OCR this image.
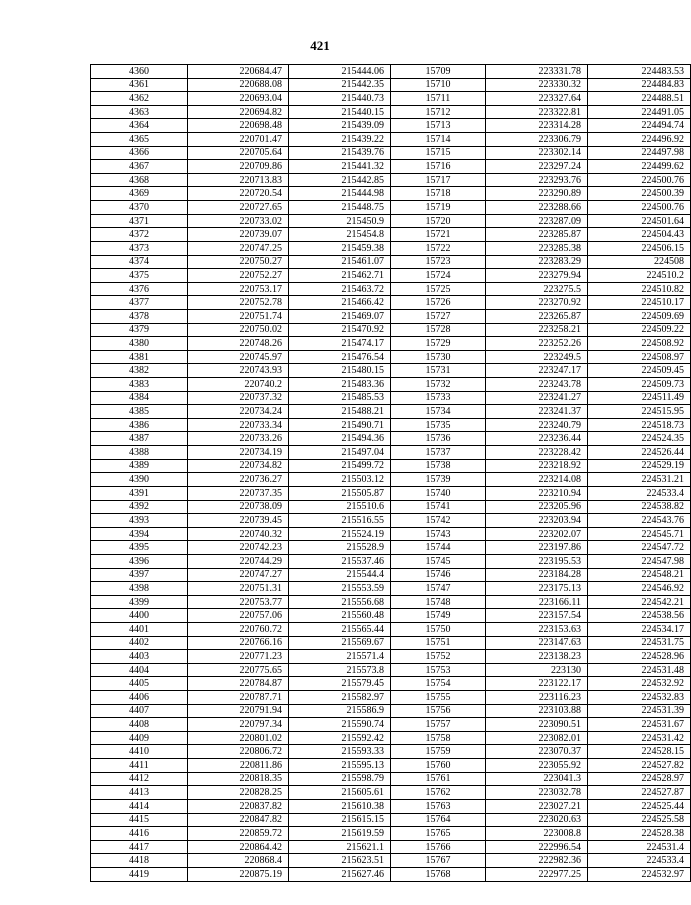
421
4360	220684.47	215444.06	15709	223331.78	224483.53
4361	220688.08	215442.35	15710	223330.32	224484.83
4362	220693.04	215440.73	15711	223327.64	224488.51
4363	220694.82	215440.15	15712	223322.81	224491.05
4364	220698.48	215439.09	15713	223314.28	224494.74
4365	220701.47	215439.22	15714	223306.79	224496.92
4366	220705.64	215439.76	15715	223302.14	224497.98
4367	220709.86	215441.32	15716	223297.24	224499.62
4368	220713.83	215442.85	15717	223293.76	224500.76
4369	220720.54	215444.98	15718	223290.89	224500.39
4370	220727.65	215448.75	15719	223288.66	224500.76
4371	220733.02	215450.9	15720	223287.09	224501.64
4372	220739.07	215454.8	15721	223285.87	224504.43
4373	220747.25	215459.38	15722	223285.38	224506.15
4374	220750.27	215461.07	15723	223283.29	224508
4375	220752.27	215462.71	15724	223279.94	224510.2
4376	220753.17	215463.72	15725	223275.5	224510.82
4377	220752.78	215466.42	15726	223270.92	224510.17
4378	220751.74	215469.07	15727	223265.87	224509.69
4379	220750.02	215470.92	15728	223258.21	224509.22
4380	220748.26	215474.17	15729	223252.26	224508.92
4381	220745.97	215476.54	15730	223249.5	224508.97
4382	220743.93	215480.15	15731	223247.17	224509.45
4383	220740.2	215483.36	15732	223243.78	224509.73
4384	220737.32	215485.53	15733	223241.27	224511.49
4385	220734.24	215488.21	15734	223241.37	224515.95
4386	220733.34	215490.71	15735	223240.79	224518.73
4387	220733.26	215494.36	15736	223236.44	224524.35
4388	220734.19	215497.04	15737	223228.42	224526.44
4389	220734.82	215499.72	15738	223218.92	224529.19
4390	220736.27	215503.12	15739	223214.08	224531.21
4391	220737.35	215505.87	15740	223210.94	224533.4
4392	220738.09	215510.6	15741	223205.96	224538.82
4393	220739.45	215516.55	15742	223203.94	224543.76
4394	220740.32	215524.19	15743	223202.07	224545.71
4395	220742.23	215528.9	15744	223197.86	224547.72
4396	220744.29	215537.46	15745	223195.53	224547.98
4397	220747.27	215544.4	15746	223184.28	224548.21
4398	220751.31	215553.59	15747	223175.13	224546.92
4399	220753.77	215556.68	15748	223166.11	224542.21
4400	220757.06	215560.48	15749	223157.54	224538.56
4401	220760.72	215565.44	15750	223153.63	224534.17
4402	220766.16	215569.67	15751	223147.63	224531.75
4403	220771.23	215571.4	15752	223138.23	224528.96
4404	220775.65	215573.8	15753	223130	224531.48
4405	220784.87	215579.45	15754	223122.17	224532.92
4406	220787.71	215582.97	15755	223116.23	224532.83
4407	220791.94	215586.9	15756	223103.88	224531.39
4408	220797.34	215590.74	15757	223090.51	224531.67
4409	220801.02	215592.42	15758	223082.01	224531.42
4410	220806.72	215593.33	15759	223070.37	224528.15
4411	220811.86	215595.13	15760	223055.92	224527.82
4412	220818.35	215598.79	15761	223041.3	224528.97
4413	220828.25	215605.61	15762	223032.78	224527.87
4414	220837.82	215610.38	15763	223027.21	224525.44
4415	220847.82	215615.15	15764	223020.63	224525.58
4416	220859.72	215619.59	15765	223008.8	224528.38
4417	220864.42	215621.1	15766	222996.54	224531.4
4418	220868.4	215623.51	15767	222982.36	224533.4
4419	220875.19	215627.46	15768	222977.25	224532.97
